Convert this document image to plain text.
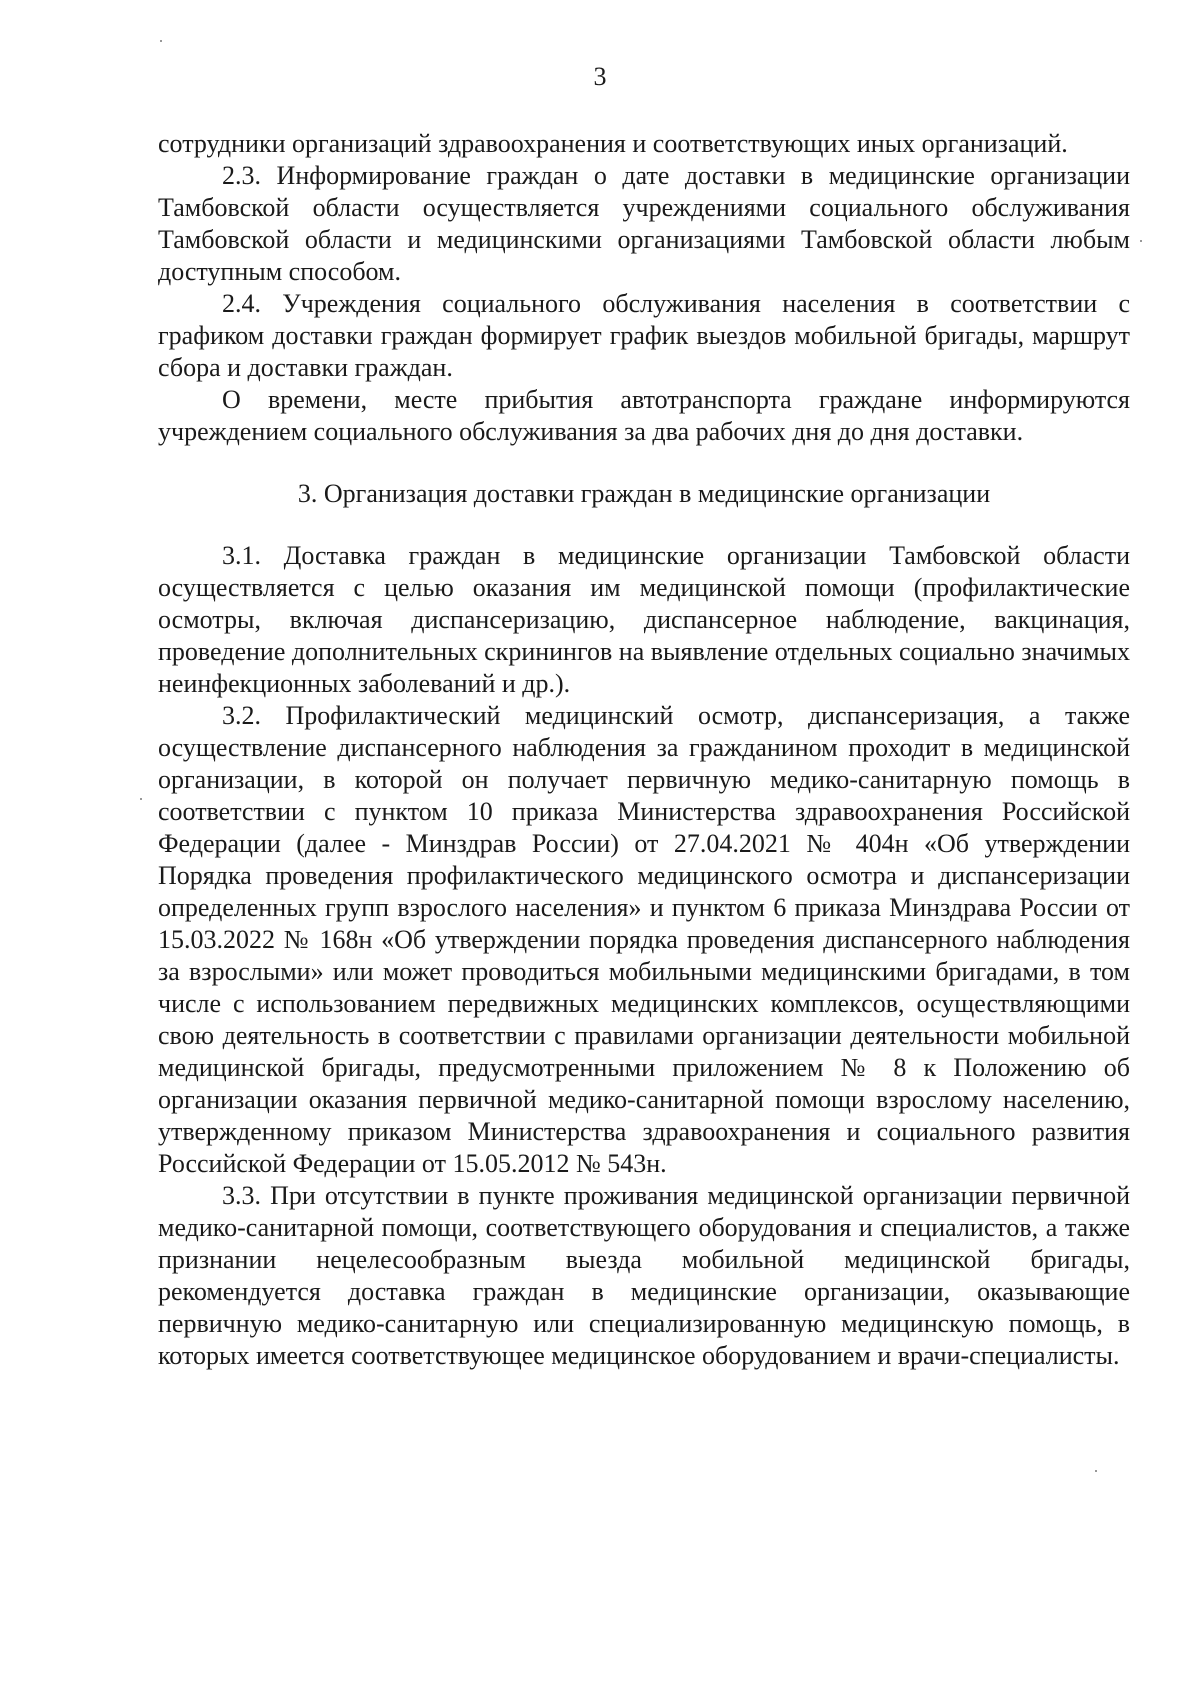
3

сотрудники организаций здравоохранения и соответствующих иных организаций.

2.3. Информирование граждан о дате доставки в медицинские организации Тамбовской области осуществляется учреждениями социального обслуживания Тамбовской области и медицинскими организациями Тамбовской области любым доступным способом.

2.4. Учреждения социального обслуживания населения в соответствии с графиком доставки граждан формирует график выездов мобильной бригады, маршрут сбора и доставки граждан.

О времени, месте прибытия автотранспорта граждане информируются учреждением социального обслуживания за два рабочих дня до дня доставки.

3. Организация доставки граждан в медицинские организации

3.1. Доставка граждан в медицинские организации Тамбовской области осуществляется с целью оказания им медицинской помощи (профилактические осмотры, включая диспансеризацию, диспансерное наблюдение, вакцинация, проведение дополнительных скринингов на выявление отдельных социально значимых неинфекционных заболеваний и др.).

3.2. Профилактический медицинский осмотр, диспансеризация, а также осуществление диспансерного наблюдения за гражданином проходит в медицинской организации, в которой он получает первичную медико-санитарную помощь в соответствии с пунктом 10 приказа Министерства здравоохранения Российской Федерации (далее - Минздрав России) от 27.04.2021 № 404н «Об утверждении Порядка проведения профилактического медицинского осмотра и диспансеризации определенных групп взрослого населения» и пунктом 6 приказа Минздрава России от 15.03.2022 № 168н «Об утверждении порядка проведения диспансерного наблюдения за взрослыми» или может проводиться мобильными медицинскими бригадами, в том числе с использованием передвижных медицинских комплексов, осуществляющими свою деятельность в соответствии с правилами организации деятельности мобильной медицинской бригады, предусмотренными приложением № 8 к Положению об организации оказания первичной медико-санитарной помощи взрослому населению, утвержденному приказом Министерства здравоохранения и социального развития Российской Федерации от 15.05.2012 № 543н.

3.3. При отсутствии в пункте проживания медицинской организации первичной медико-санитарной помощи, соответствующего оборудования и специалистов, а также признании нецелесообразным выезда мобильной медицинской бригады, рекомендуется доставка граждан в медицинские организации, оказывающие первичную медико-санитарную или специализированную медицинскую помощь, в которых имеется соответствующее медицинское оборудованием и врачи-специалисты.
